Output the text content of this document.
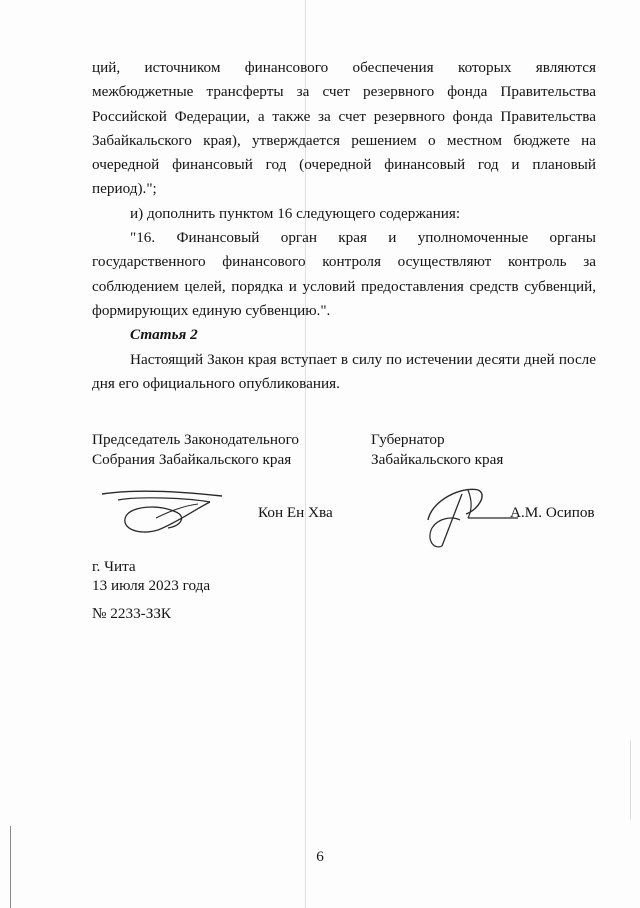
ций, источником финансового обеспечения которых являются межбюджетные трансферты за счет резервного фонда Правительства Российской Федерации, а также за счет резервного фонда Правительства Забайкальского края), утверждается решением о местном бюджете на очередной финансовый год (очередной финансовый год и плановый период).";

и) дополнить пунктом 16 следующего содержания:

"16. Финансовый орган края и уполномоченные органы государственного финансового контроля осуществляют контроль за соблюдением целей, порядка и условий предоставления средств субвенций, формирующих единую субвенцию.".

Статья 2

Настоящий Закон края вступает в силу по истечении десяти дней после дня его официального опубликования.

Председатель Законодательного
Собрания Забайкальского края
Губернатор
Забайкальского края
Кон Ен Хва	А.М. Осипов
г. Чита
13 июля 2023 года
№ 2233-ЗЗК
6
